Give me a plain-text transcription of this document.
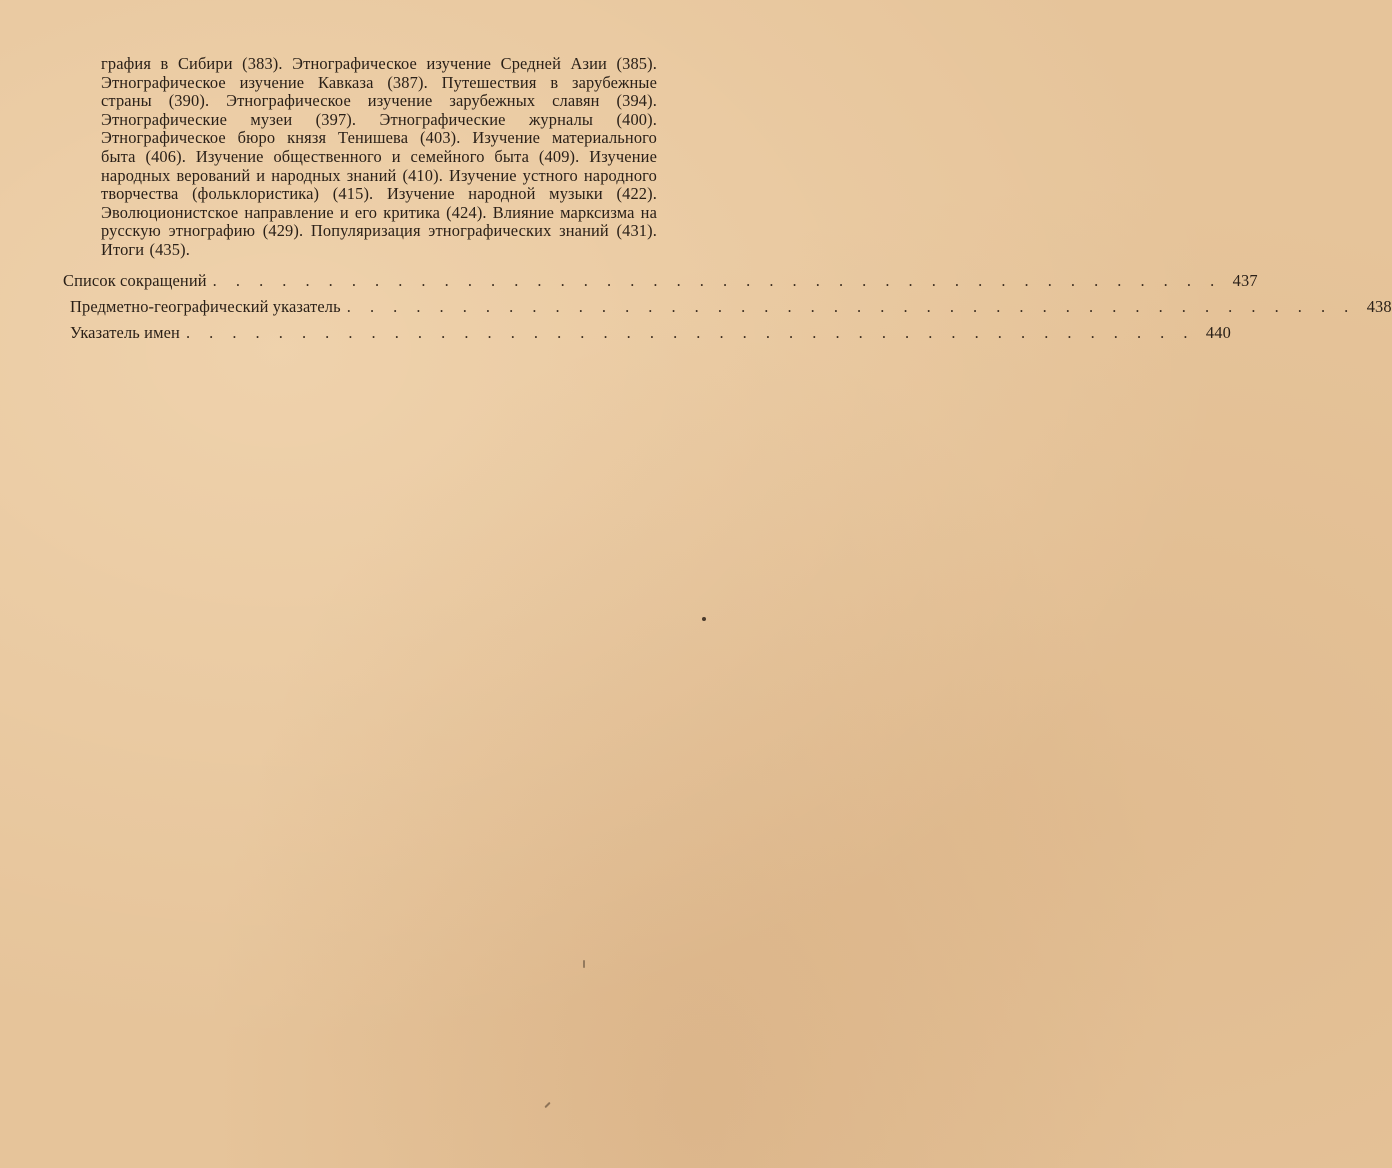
графия в Сибири (383). Этнографическое изучение Средней Азии (385). Этнографическое изучение Кавказа (387). Путешествия в зарубежные страны (390). Этнографическое изучение зарубежных славян (394). Этнографические музеи (397). Этнографические журналы (400). Этнографическое бюро князя Тенишева (403). Изучение материального быта (406). Изучение общественного и семейного быта (409). Изучение народных верований и народных знаний (410). Изучение устного народного творчества (фольклористика) (415). Изучение народной музыки (422). Эволюционистское направление и его критика (424). Влияние марксизма на русскую этнографию (429). Популяризация этнографических знаний (431). Итоги (435).

Список сокращений . . . . . . . . . . . . . . . . . . . . . . . . . . . . . . . . . . . . . . . . . . . . 437
Предметно-географический указатель . . . . . . . . . . . . . . . . . . . . . . . . . . . . . . . . . . . . . . . . . . . . 438
Указатель имен . . . . . . . . . . . . . . . . . . . . . . . . . . . . . . . . . . . . . . . . . . . . 440
